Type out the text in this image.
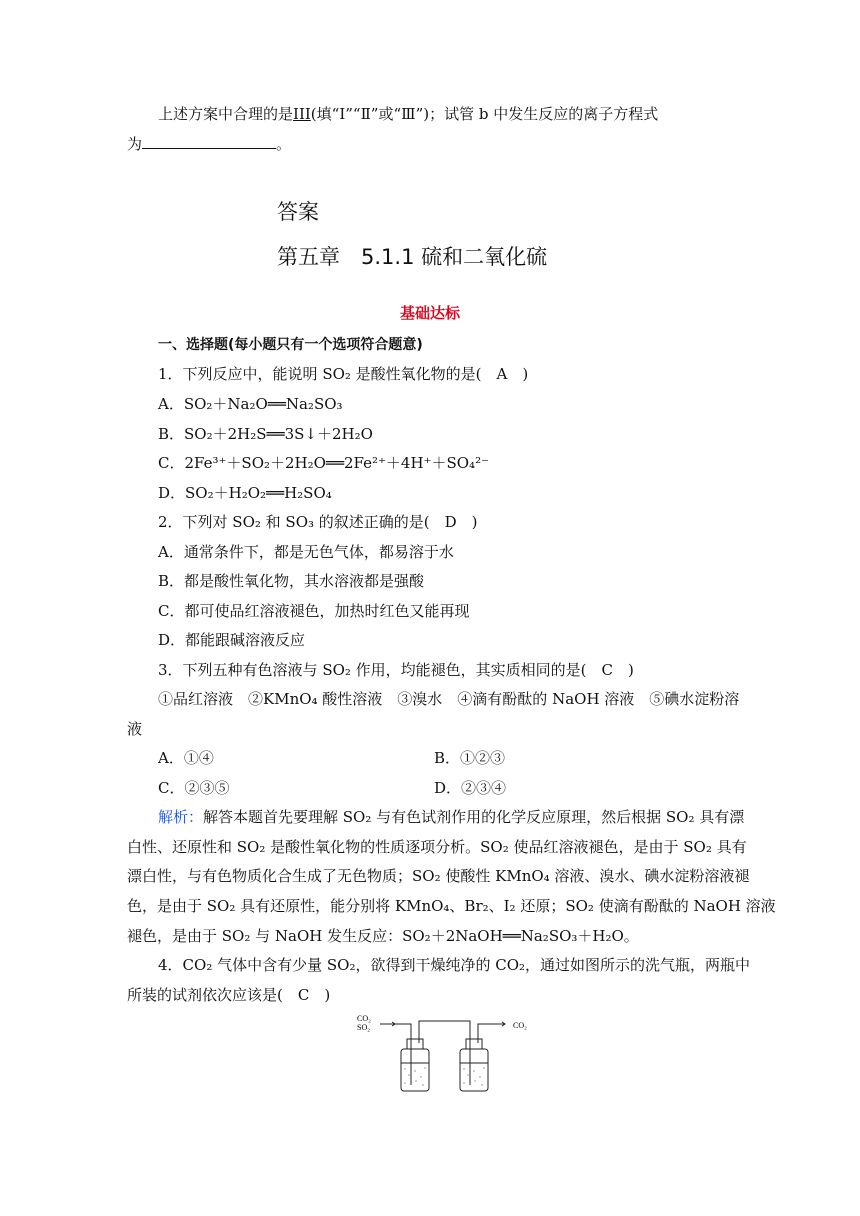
上述方案中合理的是III(填“Ⅰ”“Ⅱ”或“Ⅲ”)；试管 b 中发生反应的离子方程式
为	。
答案
第五章　5.1.1 硫和二氧化硫
基础达标
一、选择题(每小题只有一个选项符合题意)
1．下列反应中，能说明 SO₂ 是酸性氧化物的是(　A　)
A．SO₂＋Na₂O══Na₂SO₃
B．SO₂＋2H₂S══3S↓＋2H₂O
C．2Fe³⁺＋SO₂＋2H₂O══2Fe²⁺＋4H⁺＋SO₄²⁻
D．SO₂＋H₂O₂══H₂SO₄
2．下列对 SO₂ 和 SO₃ 的叙述正确的是(　D　)
A．通常条件下，都是无色气体，都易溶于水
B．都是酸性氧化物，其水溶液都是强酸
C．都可使品红溶液褪色，加热时红色又能再现
D．都能跟碱溶液反应
3．下列五种有色溶液与 SO₂ 作用，均能褪色，其实质相同的是(　C　)
①品红溶液　②KMnO₄ 酸性溶液　③溴水　④滴有酚酞的 NaOH 溶液　⑤碘水淀粉溶
液
A．①④	B．①②③
C．②③⑤	D．②③④
解析：解答本题首先要理解 SO₂ 与有色试剂作用的化学反应原理，然后根据 SO₂ 具有漂
白性、还原性和 SO₂ 是酸性氧化物的性质逐项分析。SO₂ 使品红溶液褪色，是由于 SO₂ 具有
漂白性，与有色物质化合生成了无色物质；SO₂ 使酸性 KMnO₄ 溶液、溴水、碘水淀粉溶液褪
色，是由于 SO₂ 具有还原性，能分别将 KMnO₄、Br₂、I₂ 还原；SO₂ 使滴有酚酞的 NaOH 溶液
褪色，是由于 SO₂ 与 NaOH 发生反应：SO₂＋2NaOH══Na₂SO₃＋H₂O。
4．CO₂ 气体中含有少量 SO₂，欲得到干燥纯净的 CO₂，通过如图所示的洗气瓶，两瓶中
所装的试剂依次应该是(　C　)
CO₂
SO₂	CO₂
